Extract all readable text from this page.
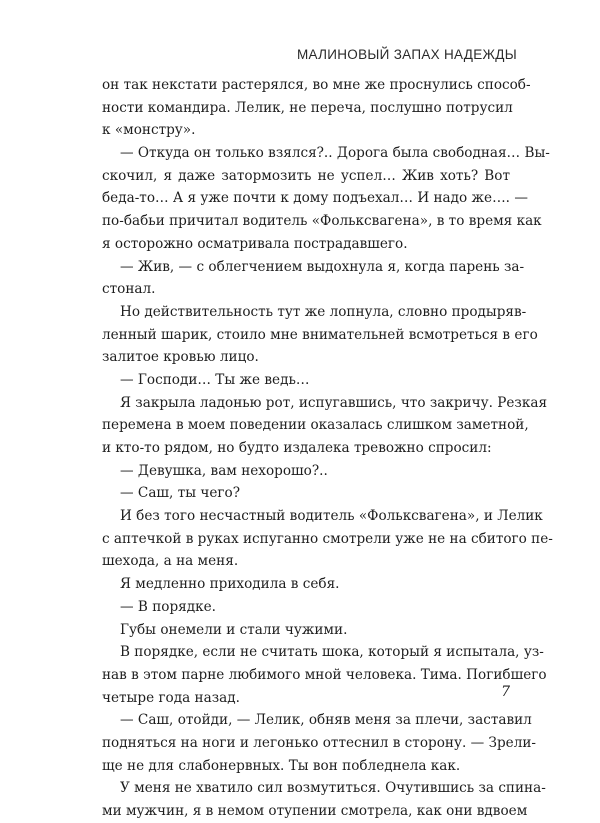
МАЛИНОВЫЙ ЗАПАХ НАДЕЖДЫ
он так некстати растерялся, во мне же проснулись способ-
ности командира. Лелик, не переча, послушно потрусил
к «монстру».
— Откуда он только взялся?.. Дорога была свободная… Вы-
скочил, я даже затормозить не успел… Жив хоть? Вот
беда-то… А я уже почти к дому подъехал… И надо же…. —
по-бабьи причитал водитель «Фольксвагена», в то время как
я осторожно осматривала пострадавшего.
— Жив, — с облегчением выдохнула я, когда парень за-
стонал.
Но действительность тут же лопнула, словно продыряв-
ленный шарик, стоило мне внимательней всмотреться в его
залитое кровью лицо.
— Господи… Ты же ведь…
Я закрыла ладонью рот, испугавшись, что закричу. Резкая
перемена в моем поведении оказалась слишком заметной,
и кто-то рядом, но будто издалека тревожно спросил:
— Девушка, вам нехорошо?..
— Саш, ты чего?
И без того несчастный водитель «Фольксвагена», и Лелик
с аптечкой в руках испуганно смотрели уже не на сбитого пе-
шехода, а на меня.
Я медленно приходила в себя.
— В порядке.
Губы онемели и стали чужими.
В порядке, если не считать шока, который я испытала, уз-
нав в этом парне любимого мной человека. Тима. Погибшего
четыре года назад.
— Саш, отойди, — Лелик, обняв меня за плечи, заставил
подняться на ноги и легонько оттеснил в сторону. — Зрели-
ще не для слабонервных. Ты вон побледнела как.
У меня не хватило сил возмутиться. Очутившись за спина-
ми мужчин, я в немом отупении смотрела, как они вдвоем
7
